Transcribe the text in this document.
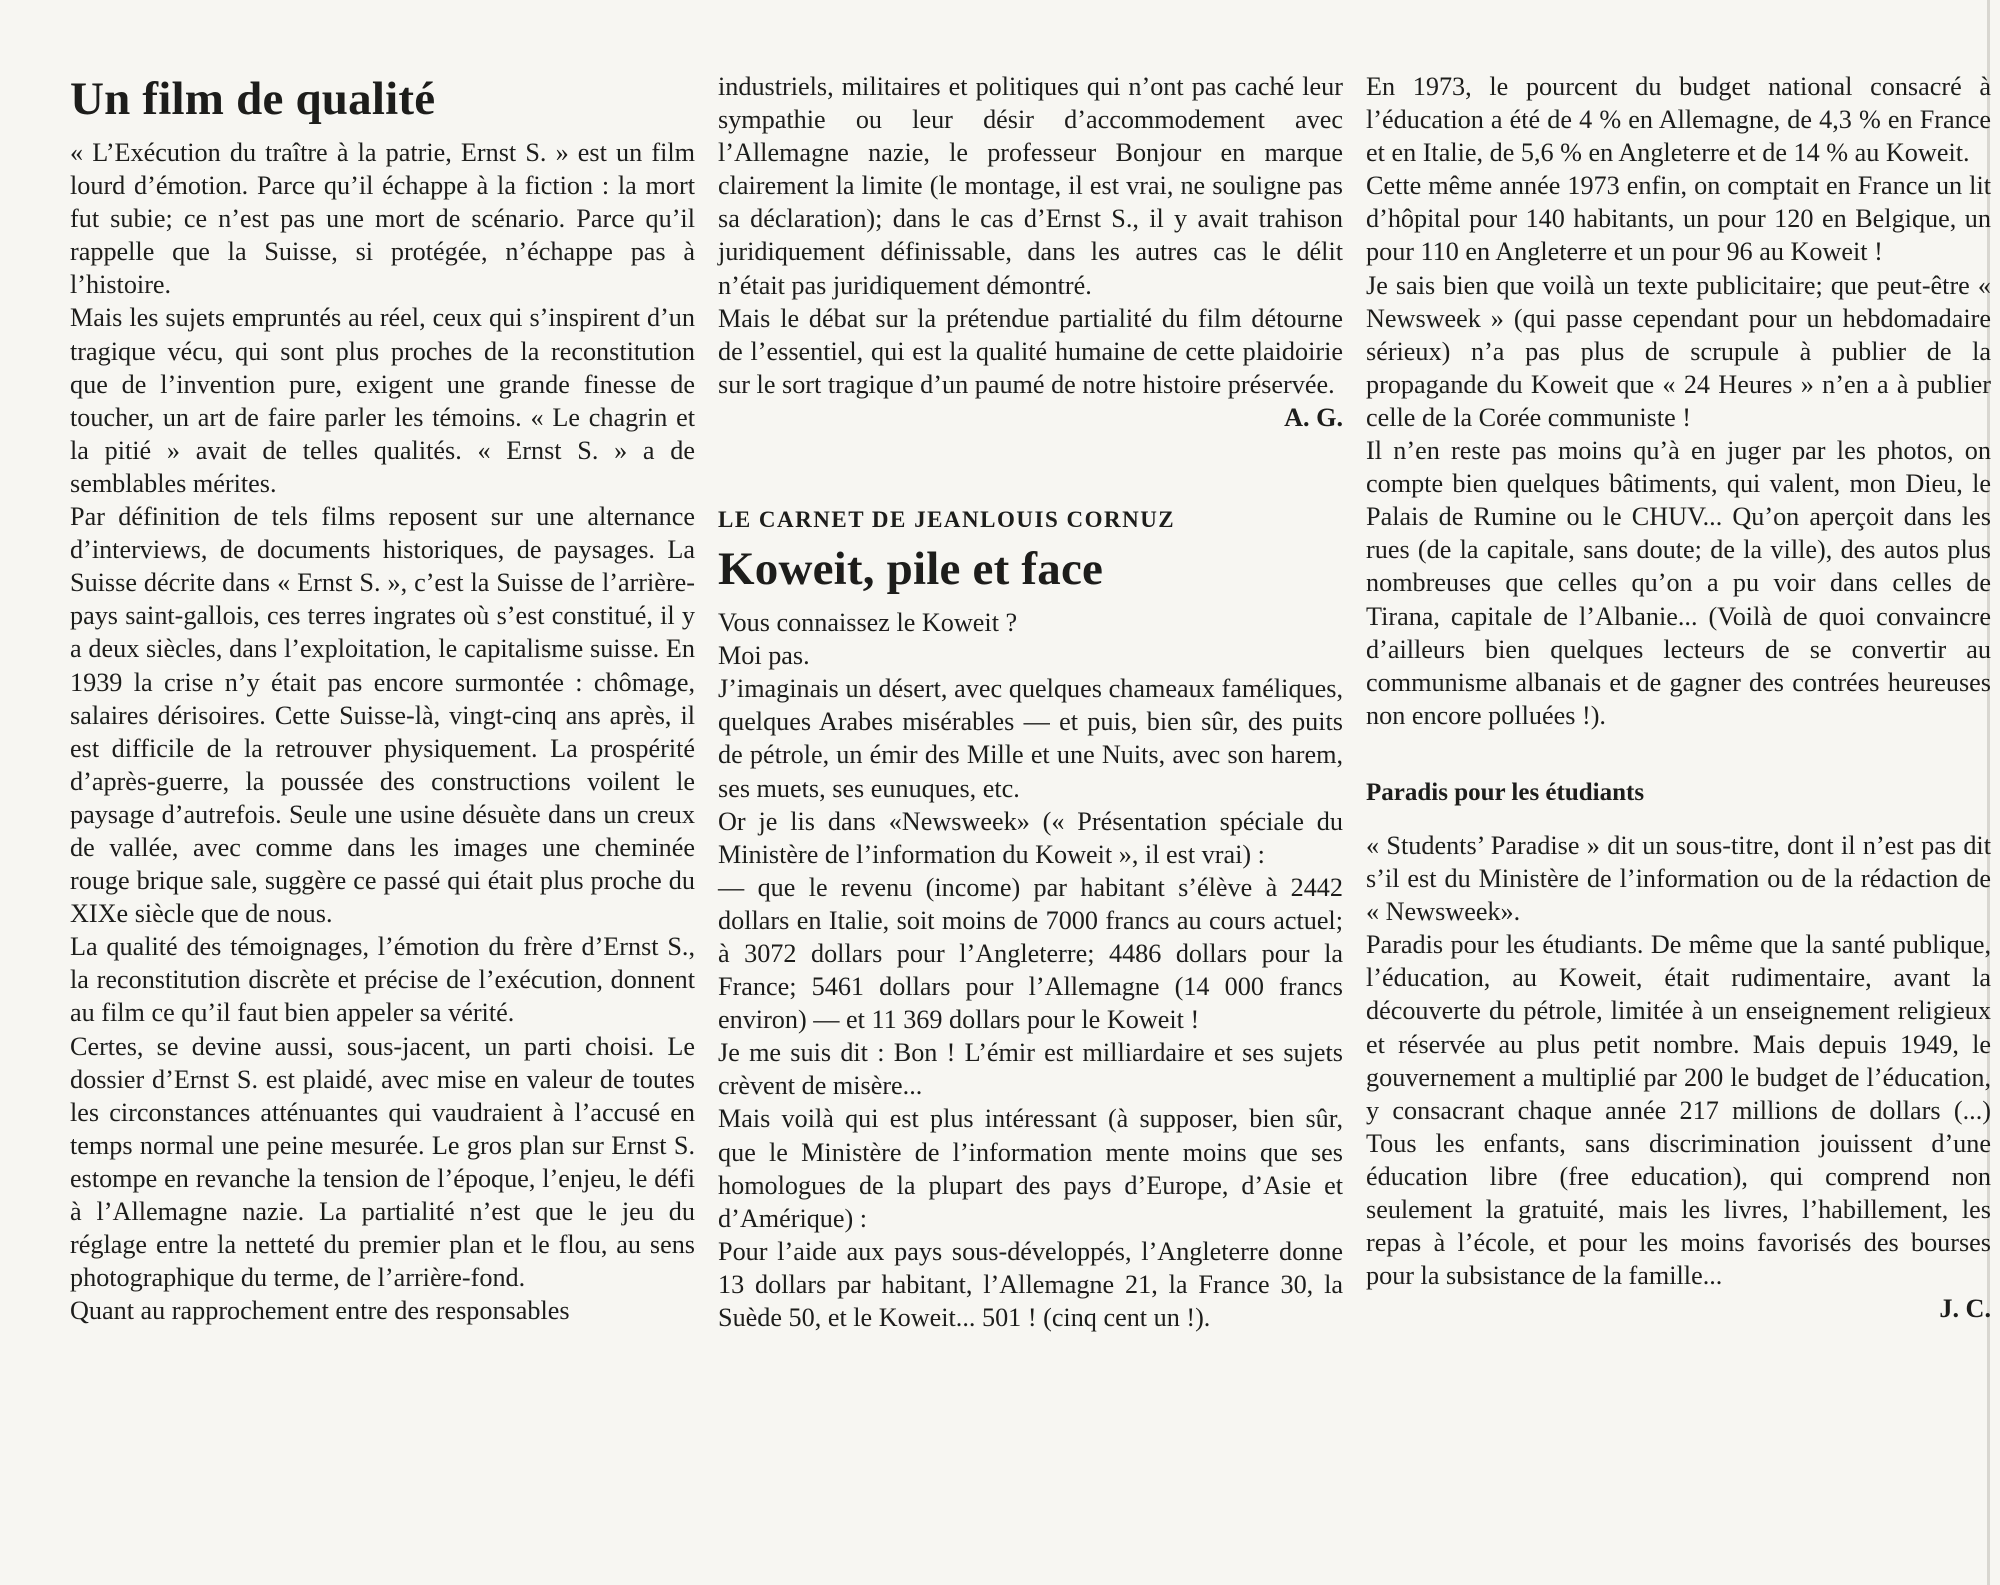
Un film de qualité

« L’Exécution du traître à la patrie, Ernst S. » est un film lourd d’émotion. Parce qu’il échappe à la fiction : la mort fut subie; ce n’est pas une mort de scénario. Parce qu’il rappelle que la Suisse, si protégée, n’échappe pas à l’histoire.

Mais les sujets empruntés au réel, ceux qui s’inspirent d’un tragique vécu, qui sont plus proches de la reconstitution que de l’invention pure, exigent une grande finesse de toucher, un art de faire parler les témoins. « Le chagrin et la pitié » avait de telles qualités. « Ernst S. » a de semblables mérites.

Par définition de tels films reposent sur une alternance d’interviews, de documents historiques, de paysages. La Suisse décrite dans « Ernst S. », c’est la Suisse de l’arrière-pays saint-gallois, ces terres ingrates où s’est constitué, il y a deux siècles, dans l’exploitation, le capitalisme suisse. En 1939 la crise n’y était pas encore surmontée : chômage, salaires dérisoires. Cette Suisse-là, vingt-cinq ans après, il est difficile de la retrouver physiquement. La prospérité d’après-guerre, la poussée des constructions voilent le paysage d’autrefois. Seule une usine désuète dans un creux de vallée, avec comme dans les images une cheminée rouge brique sale, suggère ce passé qui était plus proche du XIXe siècle que de nous.

La qualité des témoignages, l’émotion du frère d’Ernst S., la reconstitution discrète et précise de l’exécution, donnent au film ce qu’il faut bien appeler sa vérité.

Certes, se devine aussi, sous-jacent, un parti choisi. Le dossier d’Ernst S. est plaidé, avec mise en valeur de toutes les circonstances atténuantes qui vaudraient à l’accusé en temps normal une peine mesurée. Le gros plan sur Ernst S. estompe en revanche la tension de l’époque, l’enjeu, le défi à l’Allemagne nazie. La partialité n’est que le jeu du réglage entre la netteté du premier plan et le flou, au sens photographique du terme, de l’arrière-fond.

Quant au rapprochement entre des responsables

industriels, militaires et politiques qui n’ont pas caché leur sympathie ou leur désir d’accommodement avec l’Allemagne nazie, le professeur Bonjour en marque clairement la limite (le montage, il est vrai, ne souligne pas sa déclaration); dans le cas d’Ernst S., il y avait trahison juridiquement définissable, dans les autres cas le délit n’était pas juridiquement démontré.

Mais le débat sur la prétendue partialité du film détourne de l’essentiel, qui est la qualité humaine de cette plaidoirie sur le sort tragique d’un paumé de notre histoire préservée.

A. G.

LE CARNET DE JEANLOUIS CORNUZ
Koweit, pile et face

Vous connaissez le Koweit ?

Moi pas.

J’imaginais un désert, avec quelques chameaux faméliques, quelques Arabes misérables — et puis, bien sûr, des puits de pétrole, un émir des Mille et une Nuits, avec son harem, ses muets, ses eunuques, etc.

Or je lis dans «Newsweek» (« Présentation spéciale du Ministère de l’information du Koweit », il est vrai) :

— que le revenu (income) par habitant s’élève à 2442 dollars en Italie, soit moins de 7000 francs au cours actuel; à 3072 dollars pour l’Angleterre; 4486 dollars pour la France; 5461 dollars pour l’Allemagne (14 000 francs environ) — et 11 369 dollars pour le Koweit !

Je me suis dit : Bon ! L’émir est milliardaire et ses sujets crèvent de misère...

Mais voilà qui est plus intéressant (à supposer, bien sûr, que le Ministère de l’information mente moins que ses homologues de la plupart des pays d’Europe, d’Asie et d’Amérique) :

Pour l’aide aux pays sous-développés, l’Angleterre donne 13 dollars par habitant, l’Allemagne 21, la France 30, la Suède 50, et le Koweit... 501 ! (cinq cent un !).

En 1973, le pourcent du budget national consacré à l’éducation a été de 4 % en Allemagne, de 4,3 % en France et en Italie, de 5,6 % en Angleterre et de 14 % au Koweit.

Cette même année 1973 enfin, on comptait en France un lit d’hôpital pour 140 habitants, un pour 120 en Belgique, un pour 110 en Angleterre et un pour 96 au Koweit !

Je sais bien que voilà un texte publicitaire; que peut-être « Newsweek » (qui passe cependant pour un hebdomadaire sérieux) n’a pas plus de scrupule à publier de la propagande du Koweit que « 24 Heures » n’en a à publier celle de la Corée communiste !

Il n’en reste pas moins qu’à en juger par les photos, on compte bien quelques bâtiments, qui valent, mon Dieu, le Palais de Rumine ou le CHUV... Qu’on aperçoit dans les rues (de la capitale, sans doute; de la ville), des autos plus nombreuses que celles qu’on a pu voir dans celles de Tirana, capitale de l’Albanie... (Voilà de quoi convaincre d’ailleurs bien quelques lecteurs de se convertir au communisme albanais et de gagner des contrées heureuses non encore polluées !).

Paradis pour les étudiants

« Students’ Paradise » dit un sous-titre, dont il n’est pas dit s’il est du Ministère de l’information ou de la rédaction de « Newsweek».

Paradis pour les étudiants. De même que la santé publique, l’éducation, au Koweit, était rudimentaire, avant la découverte du pétrole, limitée à un enseignement religieux et réservée au plus petit nombre. Mais depuis 1949, le gouvernement a multiplié par 200 le budget de l’éducation, y consacrant chaque année 217 millions de dollars (...) Tous les enfants, sans discrimination jouissent d’une éducation libre (free education), qui comprend non seulement la gratuité, mais les livres, l’habillement, les repas à l’école, et pour les moins favorisés des bourses pour la subsistance de la famille...

J. C.
